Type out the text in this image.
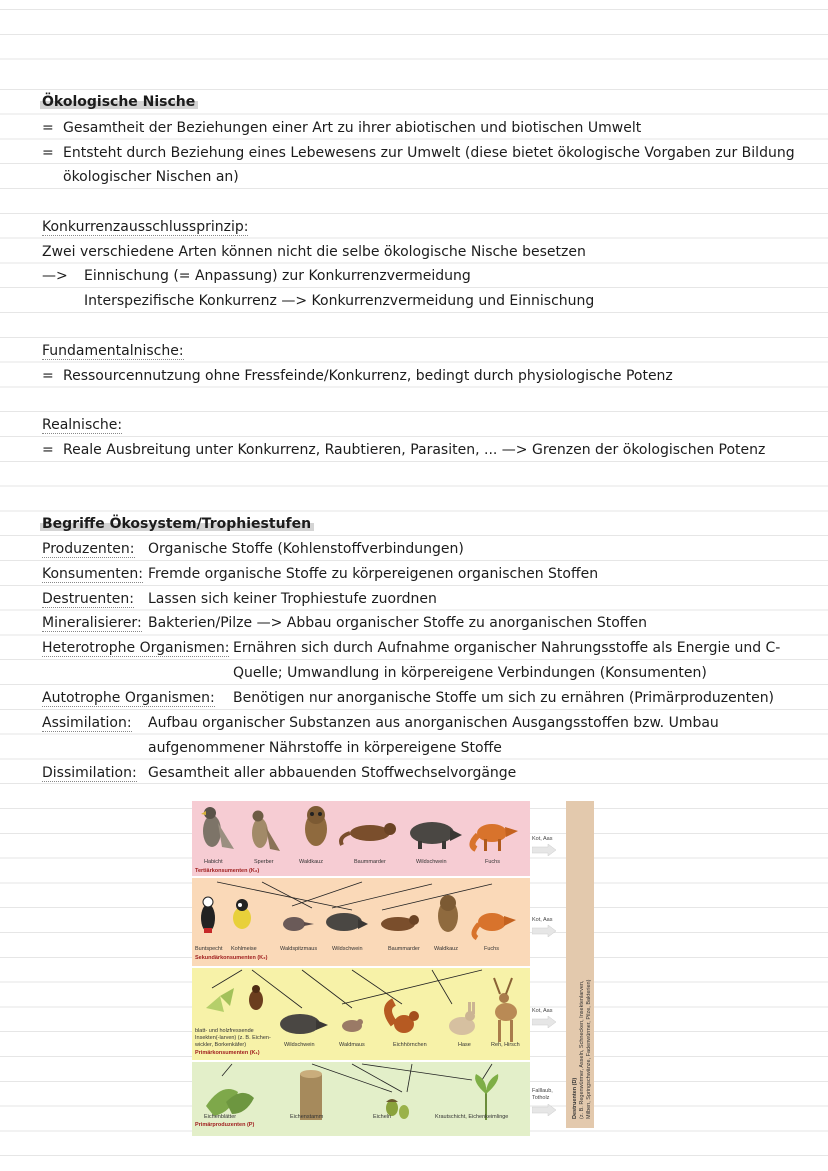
Ökologische Nische
= Gesamtheit der Beziehungen einer Art zu ihrer abiotischen und biotischen Umwelt
= Entsteht durch Beziehung eines Lebewesens zur Umwelt (diese bietet ökologische Vorgaben zur Bildung
ökologischer Nischen an)
Konkurrenzausschlussprinzip:
Zwei verschiedene Arten können nicht die selbe ökologische Nische besetzen
—> Einnischung (= Anpassung) zur Konkurrenzvermeidung
Interspezifische Konkurrenz —> Konkurrenzvermeidung und Einnischung
Fundamentalnische:
= Ressourcennutzung ohne Fressfeinde/Konkurrenz, bedingt durch physiologische Potenz
Realnische:
= Reale Ausbreitung unter Konkurrenz, Raubtieren, Parasiten, ... —> Grenzen der ökologischen Potenz
Begriffe Ökosystem/Trophiestufen
Produzenten: Organische Stoffe (Kohlenstoffverbindungen)
Konsumenten: Fremde organische Stoffe zu körpereigenen organischen Stoffen
Destruenten: Lassen sich keiner Trophiestufe zuordnen
Mineralisierer: Bakterien/Pilze —> Abbau organischer Stoffe zu anorganischen Stoffen
Heterotrophe Organismen: Ernähren sich durch Aufnahme organischer Nahrungsstoffe als Energie und C-
Quelle; Umwandlung in körpereigene Verbindungen (Konsumenten)
Autotrophe Organismen: Benötigen nur anorganische Stoffe um sich zu ernähren (Primärproduzenten)
Assimilation: Aufbau organischer Substanzen aus anorganischen Ausgangsstoffen bzw. Umbau
aufgenommener Nährstoffe in körpereigene Stoffe
Dissimilation: Gesamtheit aller abbauenden Stoffwechselvorgänge
Habicht	Sperber	Waldkauz	Baummarder	Wildschwein	Fuchs
Tertiärkonsumenten (K₃)
Buntspecht Kohlmeise	Waldspitzmaus	Wildschwein	Baummarder	Waldkauz	Fuchs
Sekundärkonsumenten (K₂)
blatt- und holzfressende
Insekten(-larven) (z. B. Eichen-
wickler, Borkenkäfer)	Wildschwein	Waldmaus	Eichhörnchen	Hase	Reh, Hirsch
Primärkonsumenten (K₁)
Eichenblätter	Eichenstamm	Eicheln	Krautschicht, Eichenkeimlinge
Primärproduzenten (P)
Kot, Aas
Kot, Aas
Kot, Aas
Falllaub,
Totholz	Destruenten (D) (z. B. Regenwürmer, Asseln, Schnecken, Insektenlarven, Milben, Springschwänze, Fadenwürmer, Pilze, Bakterien)
